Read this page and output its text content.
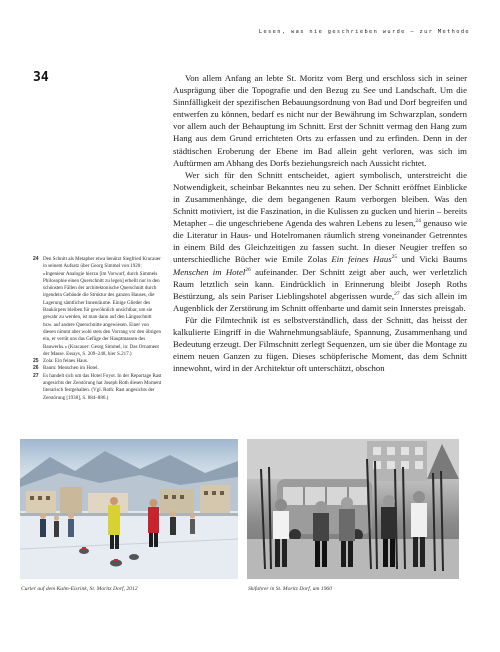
Lesen, was nie geschrieben wurde – zur Methode
34	Von allem Anfang an lebte St. Moritz vom Berg und erschloss sich in seiner Ausprägung über die Topografie und den Bezug zu See und Landschaft. Um die Sinnfälligkeit der spezifischen Bebauungsordnung von Bad und Dorf begreifen und entwerfen zu können, bedarf es nicht nur der Bewährung im Schwarzplan, sondern vor allem auch der Behauptung im Schnitt. Erst der Schnitt vermag den Hang zum Hang aus dem Grund errichteten Orts zu erfassen und zu erfinden. Denn in der städtischen Eroberung der Ebene im Bad allein geht verloren, was sich im Auftürmen am Abhang des Dorfs beziehungsreich nach Aussicht richtet.

Wer sich für den Schnitt entscheidet, agiert symbolisch, unterstreicht die Notwendigkeit, scheinbar Bekanntes neu zu sehen. Der Schnitt eröffnet Einblicke in Zusammenhänge, die dem begangenen Raum verborgen bleiben. Was den Schnitt motiviert, ist die Faszination, in die Kulissen zu gucken und hierin – bereits Metapher – die ungeschriebene Agenda des wahren Lebens zu lesen,$^{24}$ genauso wie die Literatur in Haus- und Hotelromanen räumlich streng voneinander Getrenntes in einem Bild des Gleichzeitigen zu fassen sucht. In dieser Neugier treffen so unterschiedliche Bücher wie Emile Zolas Ein feines Haus$^{25}$ und Vicki Baums Menschen im Hotel$^{26}$ aufeinander. Der Schnitt zeigt aber auch, wer verletzlich Raum letztlich sein kann. Eindrücklich in Erinnerung bleibt Joseph Roths Bestürzung, als sein Pariser Lieblingshotel abgerissen wurde,$^{27}$ das sich allein im Augenblick der Zerstörung im Schnitt offenbarte und damit sein Innerstes preisgab.

Für die Filmtechnik ist es selbstverständlich, dass der Schnitt, das heisst der kalkulierte Eingriff in die Wahrnehmungsabläufe, Spannung, Zusammenhang und Bedeutung erzeugt. Der Filmschnitt zerlegt Sequenzen, um sie über die Montage zu einem neuen Ganzen zu fügen. Dieses schöpferische Moment, das dem Schnitt innewohnt, wird in der Architektur oft unterschätzt, obschon

24 Den Schnitt als Metapher etwa benützt Siegfried Kracauer in seinem Aufsatz über Georg Simmel von 1920: »Ingenieur Analogie hierzu [im Vorwurf, durch Simmels Philosophie einen Querschnitt zu legen] erhellt nur in den schönsten Fällen der architektonische Querschnitt durch irgendein Gebäude die Struktur des ganzen Hauses, die Lagerung sämtlicher Innenräume. Einige Glieder des Baukörpers bleiben für gewöhnlich unsichtbar, um sie gewahr zu werden, ist man dann auf den Längsschnitt bzw. auf andere Querschnitte angewiesen. Einer von diesen nimmt aber wohl stets den Vorrang vor den übrigen ein, er verrät uns das Gefüge der Hauptmassen des Bauwerks.« (Kracauer: Georg Simmel, in: Das Ornament der Masse. Essays, S. 209–248, hier S.217.)
25 Zola: Ein feines Haus.
26 Baum: Menschen im Hotel.
27 Es handelt sich um das Hotel Foyot. In der Reportage Rast angesichts der Zerstörung hat Joseph Roth diesen Moment literarisch festgehalten. (Vgl. Roth: Rast angesichts der Zerstörung [1938], S. 884–886.)
Curler auf dem Kulm-Eisrink, St. Moritz Dorf, 2012	Skifahrer in St. Moritz Dorf, um 1960
